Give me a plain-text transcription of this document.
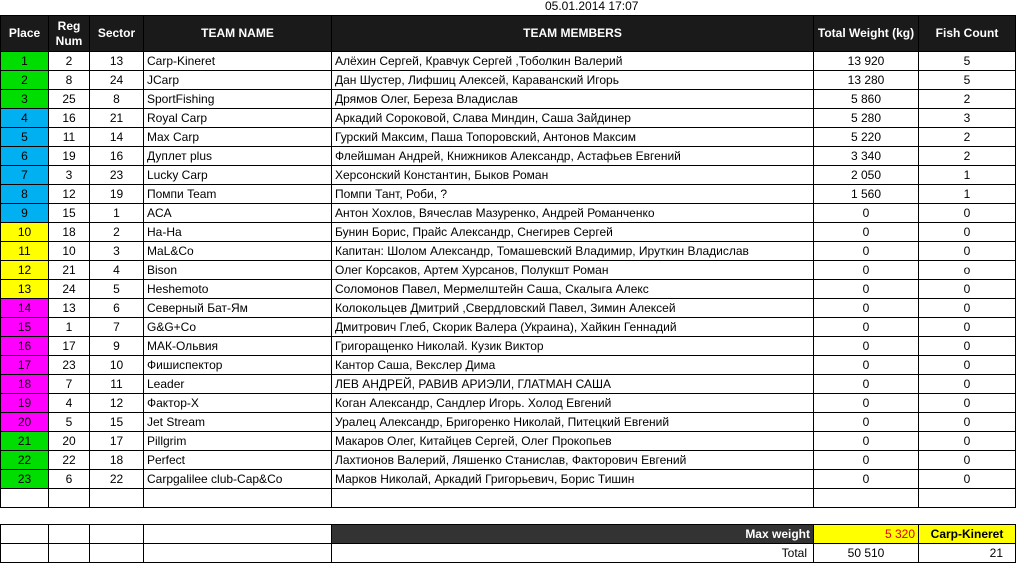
05.01.2014 17:07
Place	Reg Num	Sector	TEAM NAME	TEAM MEMBERS	Total Weight (kg)	Fish Count
1	2	13	Carp-Kineret	Алёхин Сергей, Кравчук Сергей ,Тоболкин Валерий	13 920	5
2	8	24	JCarp	Дан Шустер, Лифшиц Алексей, Караванский Игорь	13 280	5
3	25	8	SportFishing	Дрямов Олег, Береза Владислав	5 860	2
4	16	21	Royal Carp	Аркадий Сороковой, Слава Миндин, Саша Зайдинер	5 280	3
5	11	14	Max Carp	Гурский Максим, Паша Топоровский, Антонов Максим	5 220	2
6	19	16	Дуплет plus	Флейшман Андрей, Книжников Александр, Астафьев Евгений	3 340	2
7	3	23	Lucky Carp	Херсонский Константин, Быков Роман	2 050	1
8	12	19	Помпи Team	Помпи Тант, Роби, ?	1 560	1
9	15	1	ACA	Антон Хохлов, Вячеслав Мазуренко, Андрей Романченко	0	0
10	18	2	Ha-Ha	Бунин Борис, Прайс Александр, Снегирев Сергей	0	0
11	10	3	MaL&Co	Капитан: Шолом Александр, Томашевский Владимир, Ируткин Владислав	0	0
12	21	4	Bison	Олег Корсаков, Артем Хурсанов, Полукшт Роман	0	o
13	24	5	Heshemoto	Соломонов Павел, Мермелштейн Саша, Скалыга Алекс	0	0
14	13	6	Северный Бат-Ям	Колокольцев Дмитрий ,Свердловский Павел, Зимин Алексей	0	0
15	1	7	G&G+Co	Дмитрович Глеб, Скорик Валера (Украина), Хайкин Геннадий	0	0
16	17	9	МАК-Ольвия	Григоращенко Николай. Кузик Виктор	0	0
17	23	10	Фишиспектор	Кантор Саша, Векслер Дима	0	0
18	7	11	Leader	ЛЕВ АНДРЕЙ, РАВИВ АРИЭЛИ, ГЛАТМАН САША	0	0
19	4	12	Фактор-Х	Коган Александр, Сандлер Игорь. Холод Евгений	0	0
20	5	15	Jet Stream	Уралец Александр, Бригоренко Николай, Питецкий Евгений	0	0
21	20	17	Pillgrim	Макаров Олег, Китайцев Сергей, Олег Прокопьев	0	0
22	22	18	Perfect	Лахтионов Валерий, Ляшенко Станислав, Факторович Евгений	0	0
23	6	22	Carpgalilee club-Cap&Co	Марков Николай, Аркадий Григорьевич, Борис Тишин	0	0

				Max weight	5 320	Carp-Kineret
				Total	50 510	21
